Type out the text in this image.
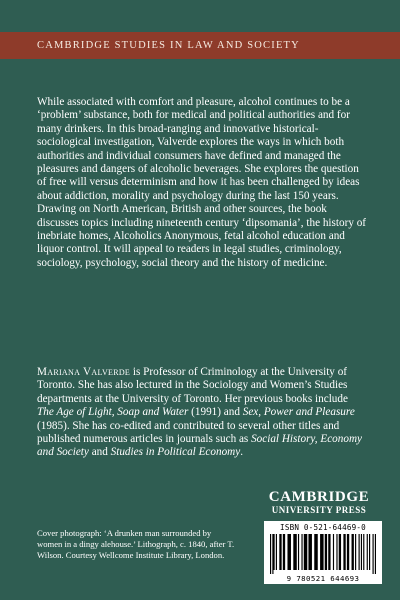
CAMBRIDGE STUDIES IN LAW AND SOCIETY
While associated with comfort and pleasure, alcohol continues to be a ‘problem’ substance, both for medical and political authorities and for many drinkers. In this broad-ranging and innovative historical-sociological investigation, Valverde explores the ways in which both authorities and individual consumers have defined and managed the pleasures and dangers of alcoholic beverages. She explores the question of free will versus determinism and how it has been challenged by ideas about addiction, morality and psychology during the last 150 years. Drawing on North American, British and other sources, the book discusses topics including nineteenth century ‘dipsomania’, the history of inebriate homes, Alcoholics Anonymous, fetal alcohol education and liquor control. It will appeal to readers in legal studies, criminology, sociology, psychology, social theory and the history of medicine.
Mariana Valverde is Professor of Criminology at the University of Toronto. She has also lectured in the Sociology and Women’s Studies departments at the University of Toronto. Her previous books include The Age of Light, Soap and Water (1991) and Sex, Power and Pleasure (1985). She has co-edited and contributed to several other titles and published numerous articles in journals such as Social History, Economy and Society and Studies in Political Economy.
Cover photograph: ‘A drunken man surrounded by women in a dingy alehouse.’ Lithograph, c. 1840, after T. Wilson. Courtesy Wellcome Institute Library, London.
CAMBRIDGE
UNIVERSITY PRESS
ISBN 0-521-64469-0
9 780521 644693
